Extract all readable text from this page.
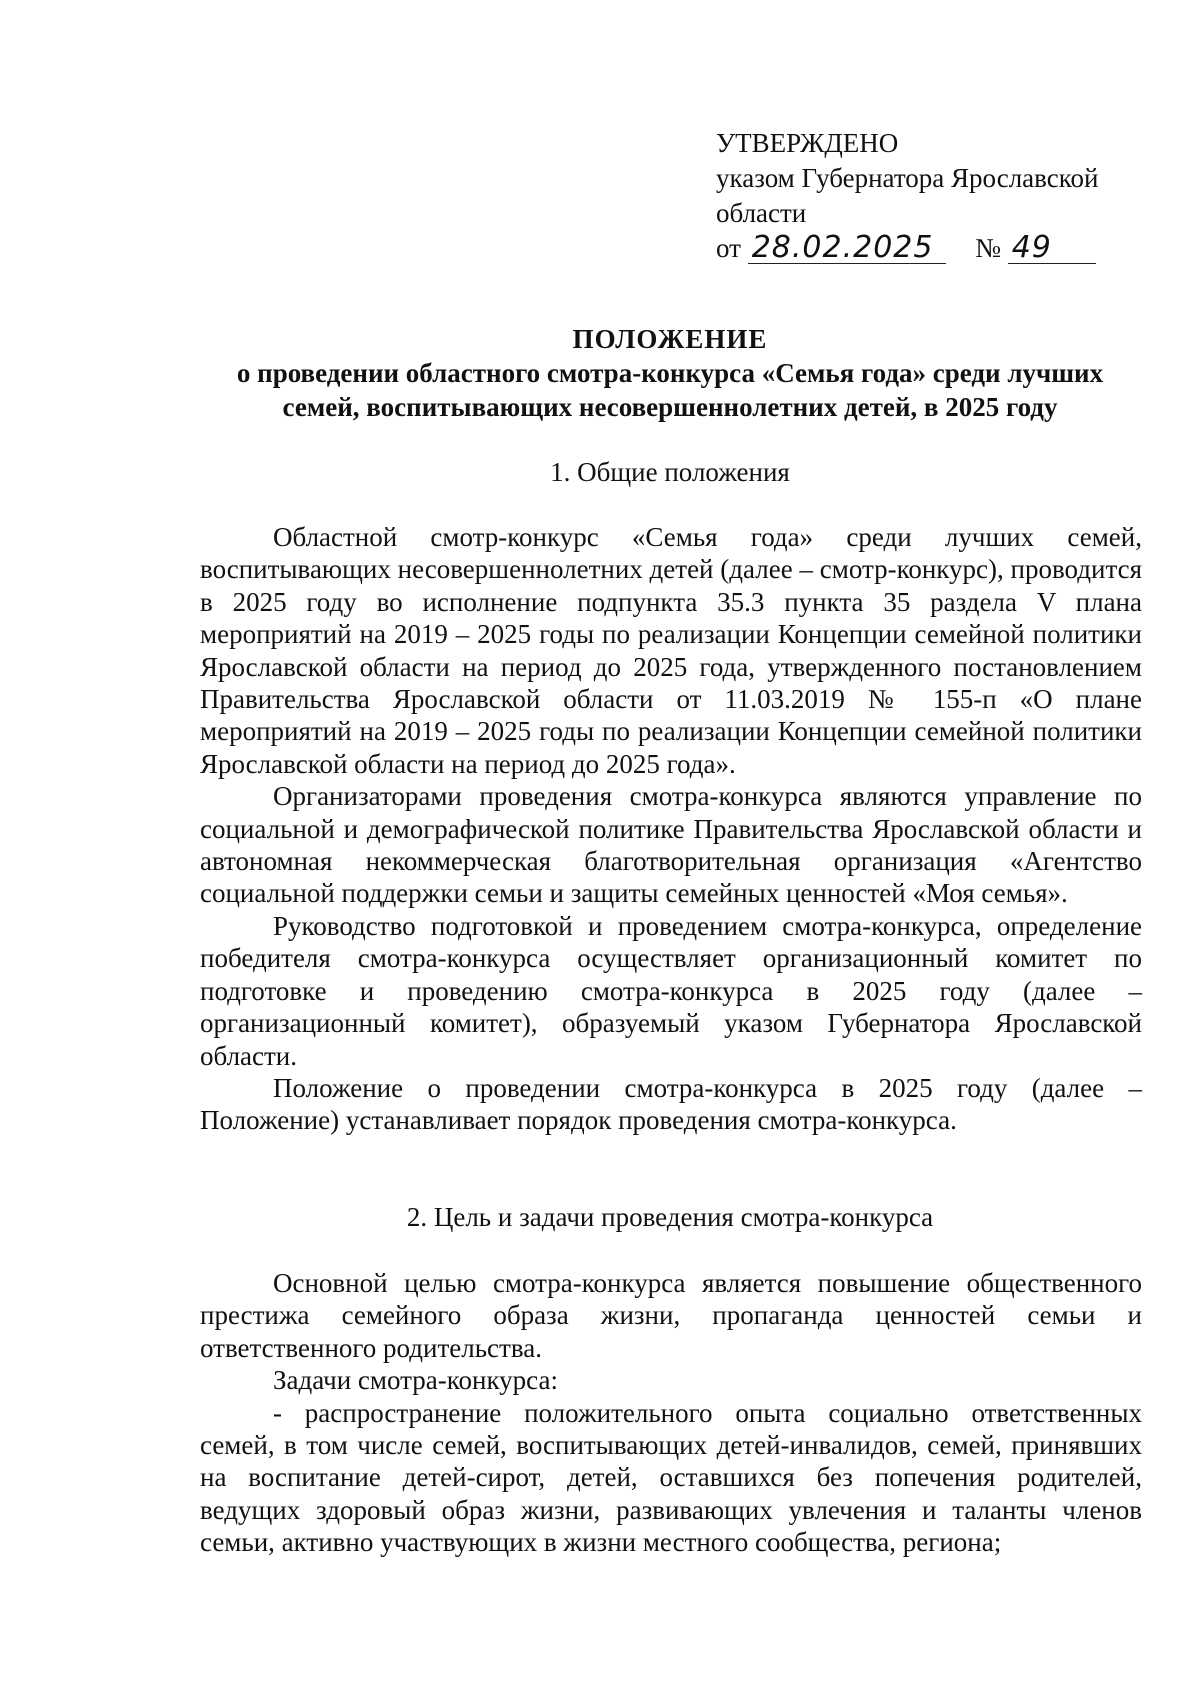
УТВЕРЖДЕНО
указом Губернатора Ярославской
области
от 28.02.2025 № 49
ПОЛОЖЕНИЕ
о проведении областного смотра-конкурса «Семья года» среди лучших семей, воспитывающих несовершеннолетних детей, в 2025 году
1. Общие положения

Областной смотр-конкурс «Семья года» среди лучших семей, воспитывающих несовершеннолетних детей (далее – смотр-конкурс), проводится в 2025 году во исполнение подпункта 35.3 пункта 35 раздела V плана мероприятий на 2019 – 2025 годы по реализации Концепции семейной политики Ярославской области на период до 2025 года, утвержденного постановлением Правительства Ярославской области от 11.03.2019 № 155-п «О плане мероприятий на 2019 – 2025 годы по реализации Концепции семейной политики Ярославской области на период до 2025 года».

Организаторами проведения смотра-конкурса являются управление по социальной и демографической политике Правительства Ярославской области и автономная некоммерческая благотворительная организация «Агентство социальной поддержки семьи и защиты семейных ценностей «Моя семья».

Руководство подготовкой и проведением смотра-конкурса, определение победителя смотра-конкурса осуществляет организационный комитет по подготовке и проведению смотра-конкурса в 2025 году (далее – организационный комитет), образуемый указом Губернатора Ярославской области.

Положение о проведении смотра-конкурса в 2025 году (далее – Положение) устанавливает порядок проведения смотра-конкурса.

2. Цель и задачи проведения смотра-конкурса

Основной целью смотра-конкурса является повышение общественного престижа семейного образа жизни, пропаганда ценностей семьи и ответственного родительства.

Задачи смотра-конкурса:

- распространение положительного опыта социально ответственных семей, в том числе семей, воспитывающих детей-инвалидов, семей, принявших на воспитание детей-сирот, детей, оставшихся без попечения родителей, ведущих здоровый образ жизни, развивающих увлечения и таланты членов семьи, активно участвующих в жизни местного сообщества, региона;
